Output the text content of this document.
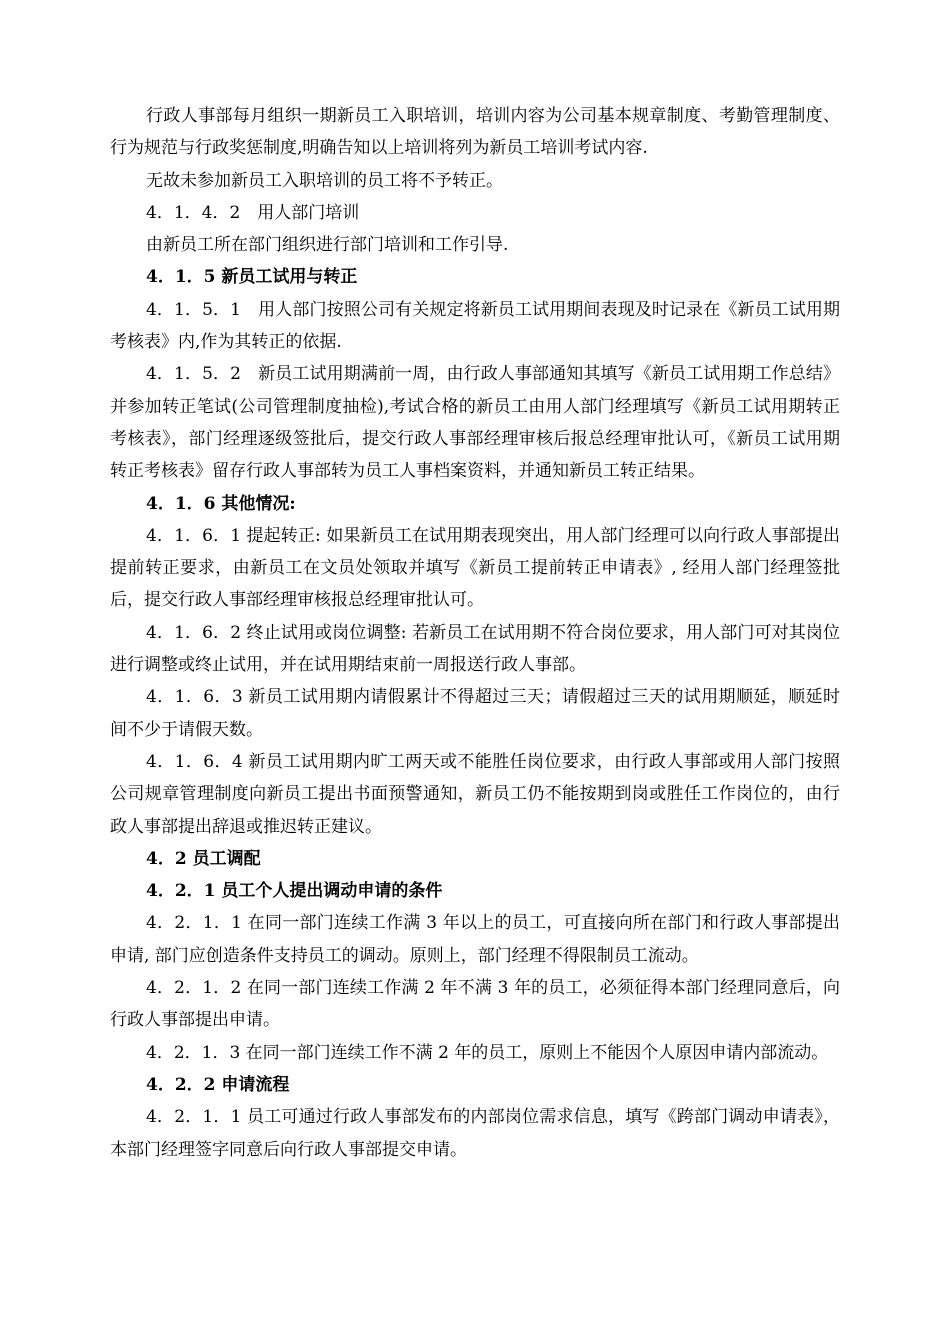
行政人事部每月组织一期新员工入职培训，培训内容为公司基本规章制度、考勤管理制度、行为规范与行政奖惩制度,明确告知以上培训将列为新员工培训考试内容.

无故未参加新员工入职培训的员工将不予转正。

4．1．4．2　用人部门培训

由新员工所在部门组织进行部门培训和工作引导.

4．1．5 新员工试用与转正

4．1．5．1　用人部门按照公司有关规定将新员工试用期间表现及时记录在《新员工试用期考核表》内,作为其转正的依据.

4．1．5．2　新员工试用期满前一周，由行政人事部通知其填写《新员工试用期工作总结》并参加转正笔试(公司管理制度抽检),考试合格的新员工由用人部门经理填写《新员工试用期转正考核表》，部门经理逐级签批后，提交行政人事部经理审核后报总经理审批认可，《新员工试用期转正考核表》留存行政人事部转为员工人事档案资料，并通知新员工转正结果。

4．1．6 其他情况:

4．1．6．1 提起转正: 如果新员工在试用期表现突出，用人部门经理可以向行政人事部提出提前转正要求，由新员工在文员处领取并填写《新员工提前转正申请表》, 经用人部门经理签批后，提交行政人事部经理审核报总经理审批认可。

4．1．6．2 终止试用或岗位调整: 若新员工在试用期不符合岗位要求，用人部门可对其岗位进行调整或终止试用，并在试用期结束前一周报送行政人事部。

4．1．6．3 新员工试用期内请假累计不得超过三天；请假超过三天的试用期顺延，顺延时间不少于请假天数。

4．1．6．4 新员工试用期内旷工两天或不能胜任岗位要求，由行政人事部或用人部门按照公司规章管理制度向新员工提出书面预警通知，新员工仍不能按期到岗或胜任工作岗位的，由行政人事部提出辞退或推迟转正建议。

4．2 员工调配

4．2．1 员工个人提出调动申请的条件

4．2．1．1 在同一部门连续工作满 3 年以上的员工，可直接向所在部门和行政人事部提出申请, 部门应创造条件支持员工的调动。原则上，部门经理不得限制员工流动。

4．2．1．2 在同一部门连续工作满 2 年不满 3 年的员工，必须征得本部门经理同意后，向行政人事部提出申请。

4．2．1．3 在同一部门连续工作不满 2 年的员工，原则上不能因个人原因申请内部流动。

4．2．2 申请流程

4．2．1．1 员工可通过行政人事部发布的内部岗位需求信息，填写《跨部门调动申请表》，本部门经理签字同意后向行政人事部提交申请。
